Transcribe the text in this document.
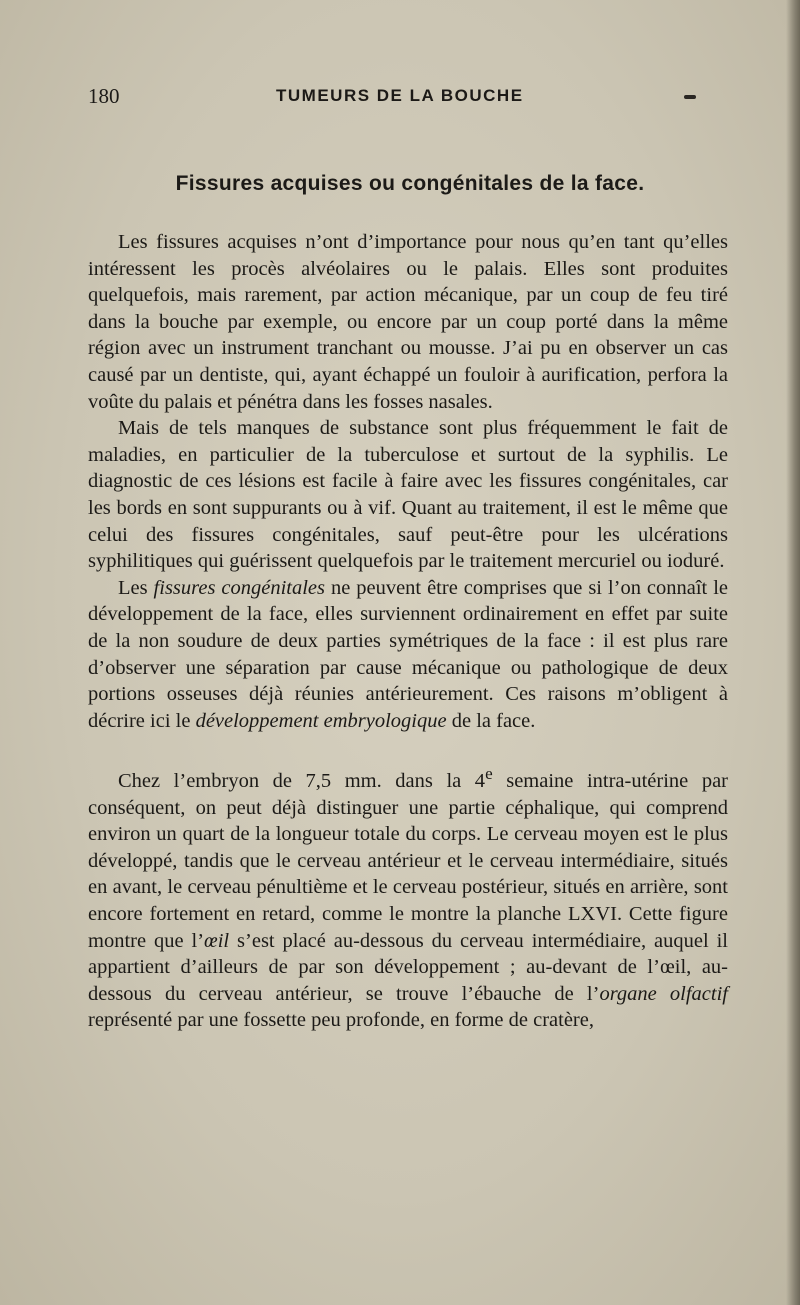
180	TUMEURS DE LA BOUCHE
Fissures acquises ou congénitales de la face.

Les fissures acquises n’ont d’importance pour nous qu’en tant qu’elles intéressent les procès alvéolaires ou le palais. Elles sont produites quelquefois, mais rarement, par action mécanique, par un coup de feu tiré dans la bouche par exemple, ou encore par un coup porté dans la même région avec un instrument tranchant ou mousse. J’ai pu en observer un cas causé par un dentiste, qui, ayant échappé un fouloir à aurification, perfora la voûte du palais et pénétra dans les fosses nasales.

Mais de tels manques de substance sont plus fréquemment le fait de maladies, en particulier de la tuberculose et surtout de la syphilis. Le diagnostic de ces lésions est facile à faire avec les fissures congénitales, car les bords en sont suppurants ou à vif. Quant au traitement, il est le même que celui des fissures congénitales, sauf peut-être pour les ulcérations syphilitiques qui guérissent quelquefois par le traitement mercuriel ou ioduré.

Les fissures congénitales ne peuvent être comprises que si l’on connaît le développement de la face, elles surviennent ordinairement en effet par suite de la non soudure de deux parties symétriques de la face : il est plus rare d’observer une séparation par cause mécanique ou pathologique de deux portions osseuses déjà réunies antérieurement. Ces raisons m’obligent à décrire ici le développement embryologique de la face.

Chez l’embryon de 7,5 mm. dans la 4e semaine intra-utérine par conséquent, on peut déjà distinguer une partie céphalique, qui comprend environ un quart de la longueur totale du corps. Le cerveau moyen est le plus développé, tandis que le cerveau antérieur et le cerveau intermédiaire, situés en avant, le cerveau pénultième et le cerveau postérieur, situés en arrière, sont encore fortement en retard, comme le montre la planche LXVI. Cette figure montre que l’œil s’est placé au-dessous du cerveau intermédiaire, auquel il appartient d’ailleurs de par son développement ; au-devant de l’œil, au-dessous du cerveau antérieur, se trouve l’ébauche de l’organe olfactif représenté par une fossette peu profonde, en forme de cratère,
